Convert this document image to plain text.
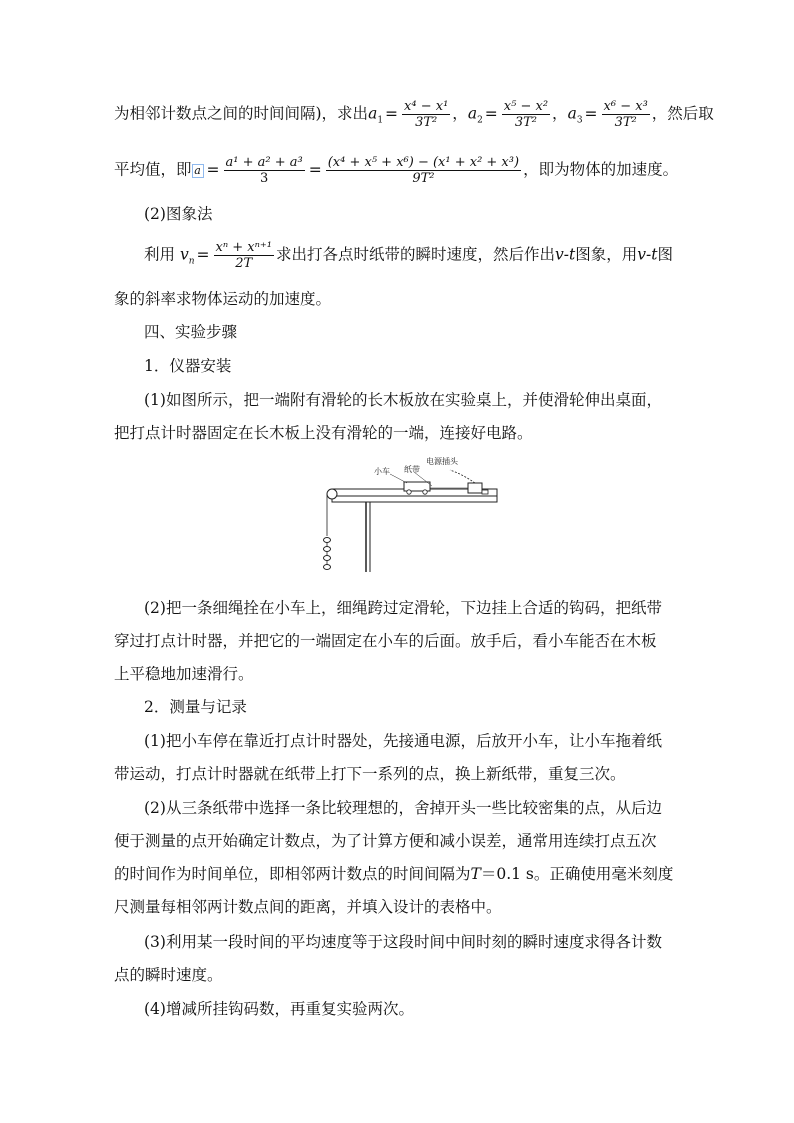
为相邻计数点之间的时间间隔)，求出$a_1 = \frac{\text{x⁴ − x¹}}{\text{3T²}}$ ，$a_2 = \frac{\text{x⁵ − x²}}{\text{3T²}}$ ，$a_3 = \frac{\text{x⁶ − x³}}{\text{3T²}}$ ，然后取
平均值，即 $a = \frac{\text{a¹ + a² + a³}}{3} = \frac{\text{(x⁴ + x⁵ + x⁶) − (x¹ + x² + x³)}}{\text{9T²}}$ ，即为物体的加速度。
(2)图象法
利用 $v_n = \frac{\text{xⁿ + xⁿ⁺¹}}{2T}$ 求出打各点时纸带的瞬时速度，然后作出v-t图象，用v-t图
象的斜率求物体运动的加速度。
四、实验步骤
1．仪器安装
(1)如图所示，把一端附有滑轮的长木板放在实验桌上，并使滑轮伸出桌面，
把打点计时器固定在长木板上没有滑轮的一端，连接好电路。
小车 纸带
电源插头
(2)把一条细绳拴在小车上，细绳跨过定滑轮，下边挂上合适的钩码，把纸带
穿过打点计时器，并把它的一端固定在小车的后面。放手后，看小车能否在木板
上平稳地加速滑行。
2．测量与记录
(1)把小车停在靠近打点计时器处，先接通电源，后放开小车，让小车拖着纸
带运动，打点计时器就在纸带上打下一系列的点，换上新纸带，重复三次。
(2)从三条纸带中选择一条比较理想的，舍掉开头一些比较密集的点，从后边
便于测量的点开始确定计数点，为了计算方便和减小误差，通常用连续打点五次
的时间作为时间单位，即相邻两计数点的时间间隔为T＝0.1 s。正确使用毫米刻度
尺测量每相邻两计数点间的距离，并填入设计的表格中。
(3)利用某一段时间的平均速度等于这段时间中间时刻的瞬时速度求得各计数
点的瞬时速度。
(4)增减所挂钩码数，再重复实验两次。
